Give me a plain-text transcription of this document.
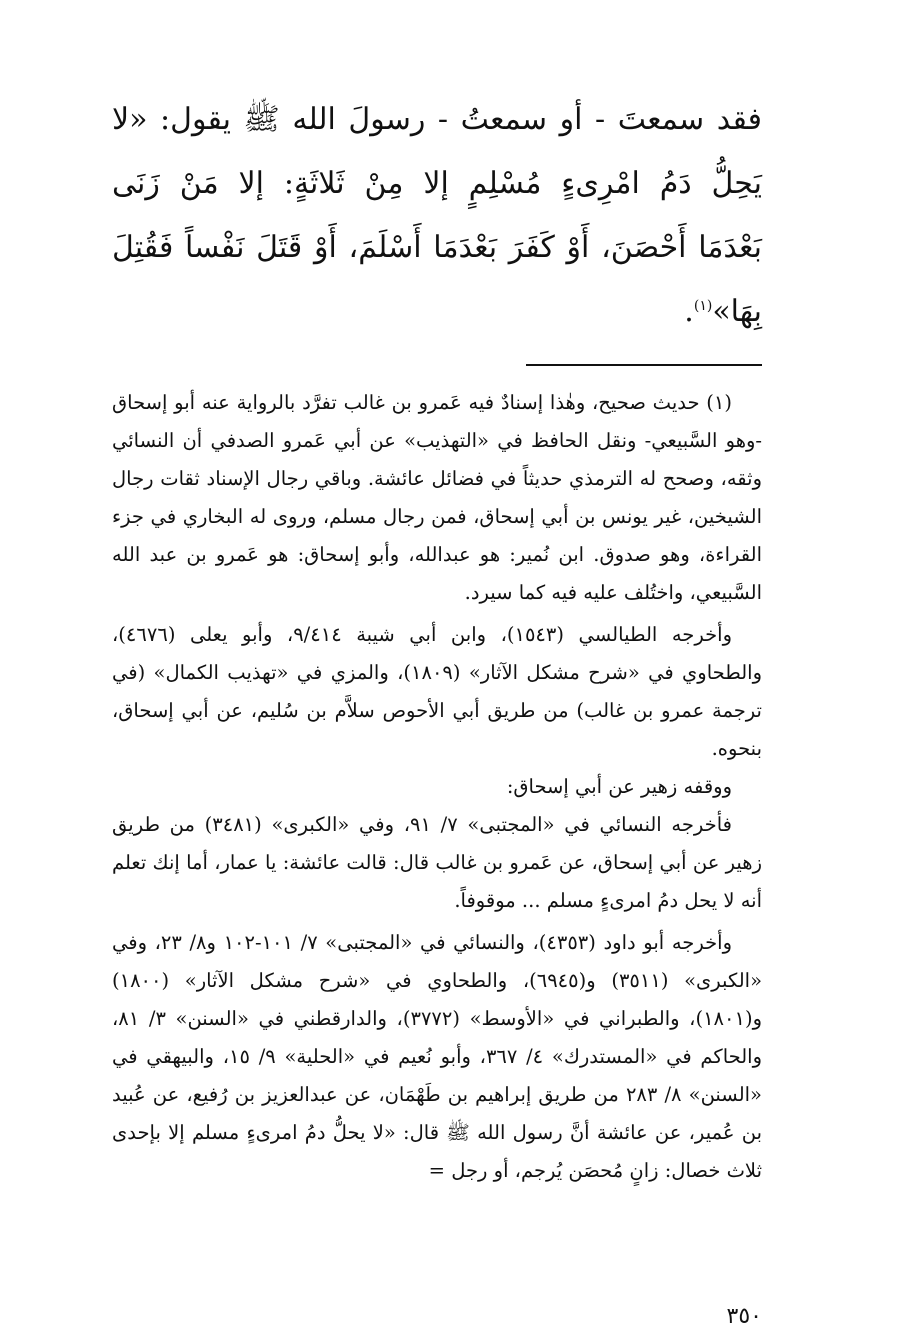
فقد سمعتَ - أو سمعتُ - رسولَ الله ﷺ يقول: «لا يَحِلُّ دَمُ امْرِىءٍ مُسْلِمٍ إلا مِنْ ثَلاثَةٍ: إلا مَنْ زَنَى بَعْدَمَا أَحْصَنَ، أَوْ كَفَرَ بَعْدَمَا أَسْلَمَ، أَوْ قَتَلَ نَفْساً فَقُتِلَ بِهَا»$^{(١)}$.

(١) حديث صحيح، وهٰذا إسنادٌ فيه عَمرو بن غالب تفرَّد بالرواية عنه أبو إسحاق -وهو السَّبيعي- ونقل الحافظ في «التهذيب» عن أبي عَمرو الصدفي أن النسائي وثقه، وصحح له الترمذي حديثاً في فضائل عائشة. وباقي رجال الإسناد ثقات رجال الشيخين، غير يونس بن أبي إسحاق، فمن رجال مسلم، وروى له البخاري في جزء القراءة، وهو صدوق. ابن نُمير: هو عبدالله، وأبو إسحاق: هو عَمرو بن عبد الله السَّبيعي، واختُلف عليه فيه كما سيرد.

وأخرجه الطيالسي (١٥٤٣)، وابن أبي شيبة ٩/٤١٤، وأبو يعلى (٤٦٧٦)، والطحاوي في «شرح مشكل الآثار» (١٨٠٩)، والمزي في «تهذيب الكمال» (في ترجمة عمرو بن غالب) من طريق أبي الأحوص سلاَّم بن سُليم، عن أبي إسحاق، بنحوه.

ووقفه زهير عن أبي إسحاق:

فأخرجه النسائي في «المجتبى» ٧/ ٩١، وفي «الكبرى» (٣٤٨١) من طريق زهير عن أبي إسحاق، عن عَمرو بن غالب قال: قالت عائشة: يا عمار، أما إنك تعلم أنه لا يحل دمُ امرىءٍ مسلم ... موقوفاً.

وأخرجه أبو داود (٤٣٥٣)، والنسائي في «المجتبى» ٧/ ١٠١-١٠٢ و٨/ ٢٣، وفي «الكبرى» (٣٥١١) و(٦٩٤٥)، والطحاوي في «شرح مشكل الآثار» (١٨٠٠) و(١٨٠١)، والطبراني في «الأوسط» (٣٧٧٢)، والدارقطني في «السنن» ٣/ ٨١، والحاكم في «المستدرك» ٤/ ٣٦٧، وأبو نُعيم في «الحلية» ٩/ ١٥، والبيهقي في «السنن» ٨/ ٢٨٣ من طريق إبراهيم بن طَهْمَان، عن عبدالعزيز بن رُفيع، عن عُبيد بن عُمير، عن عائشة أنَّ رسول الله ﷺ قال: «لا يحلُّ دمُ امرىءٍ مسلم إلا بإحدى ثلاث خصال: زانٍ مُحصَن يُرجم، أو رجل =

٣٥٠
